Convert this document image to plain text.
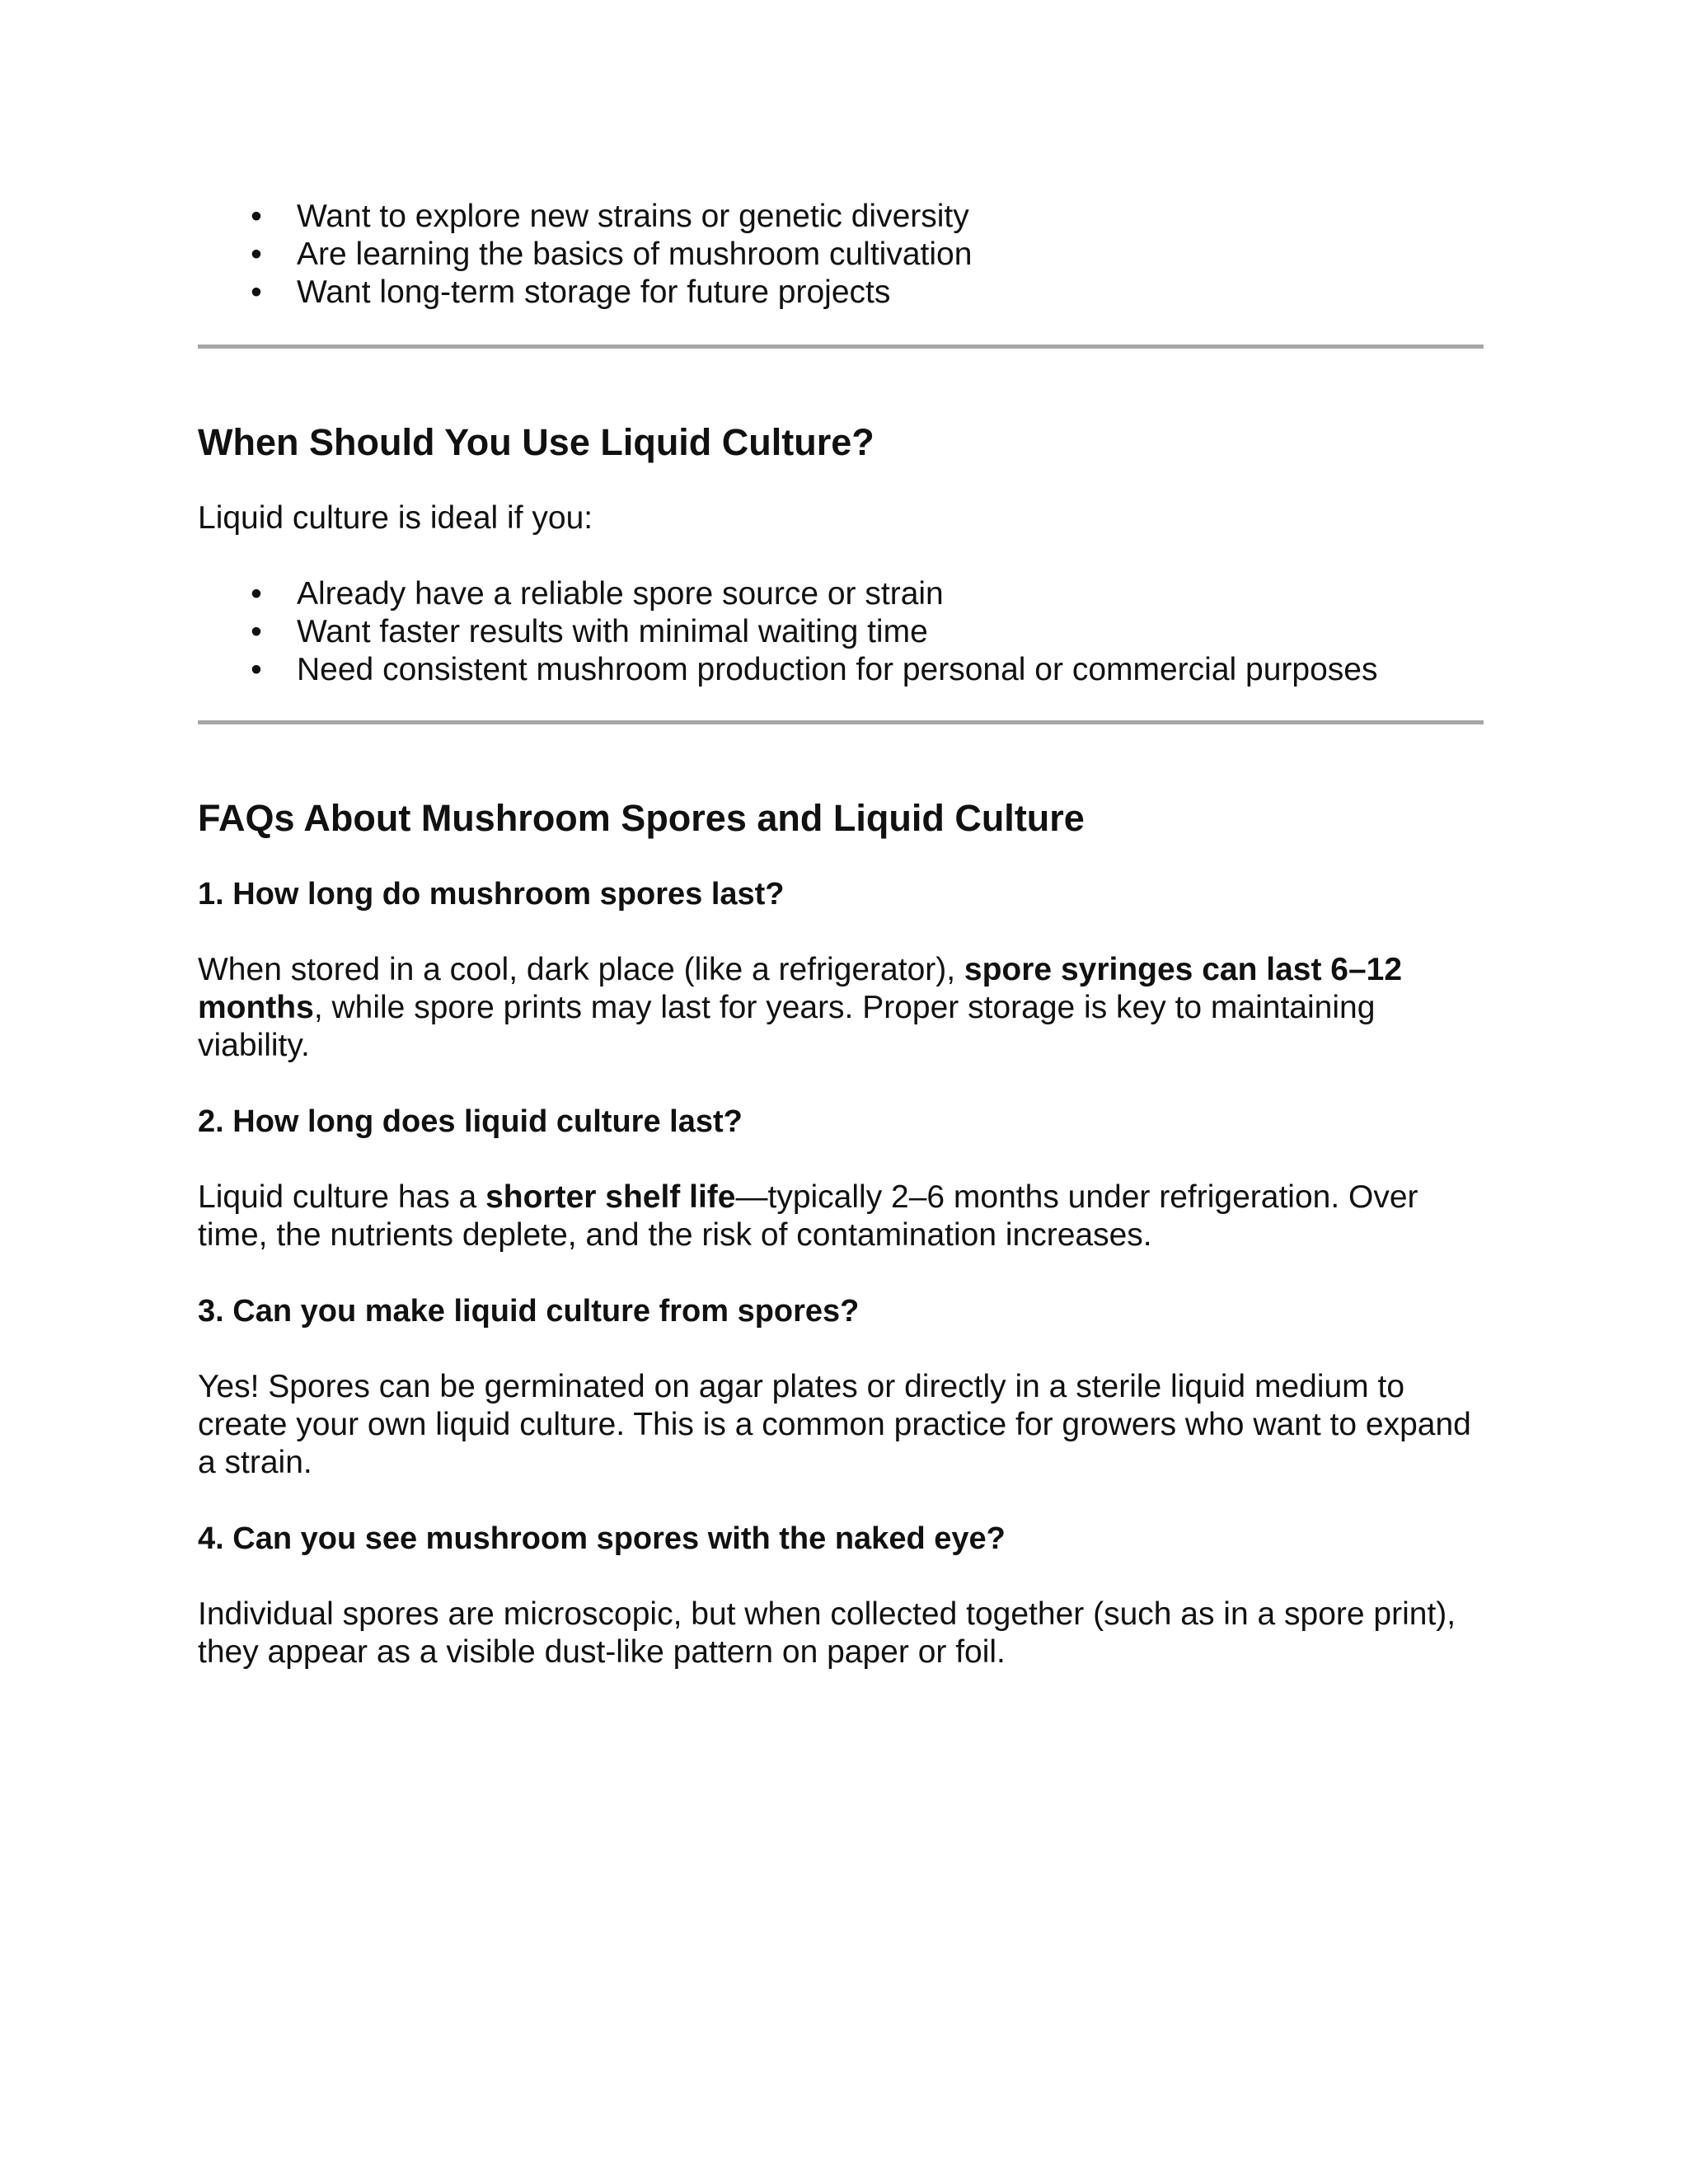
• Want to explore new strains or genetic diversity
• Are learning the basics of mushroom cultivation
• Want long-term storage for future projects
When Should You Use Liquid Culture?

Liquid culture is ideal if you:

• Already have a reliable spore source or strain
• Want faster results with minimal waiting time
• Need consistent mushroom production for personal or commercial purposes
FAQs About Mushroom Spores and Liquid Culture
1. How long do mushroom spores last?

When stored in a cool, dark place (like a refrigerator), spore syringes can last 6–12 months, while spore prints may last for years. Proper storage is key to maintaining viability.

2. How long does liquid culture last?

Liquid culture has a shorter shelf life—typically 2–6 months under refrigeration. Over time, the nutrients deplete, and the risk of contamination increases.

3. Can you make liquid culture from spores?

Yes! Spores can be germinated on agar plates or directly in a sterile liquid medium to create your own liquid culture. This is a common practice for growers who want to expand a strain.

4. Can you see mushroom spores with the naked eye?

Individual spores are microscopic, but when collected together (such as in a spore print), they appear as a visible dust-like pattern on paper or foil.
